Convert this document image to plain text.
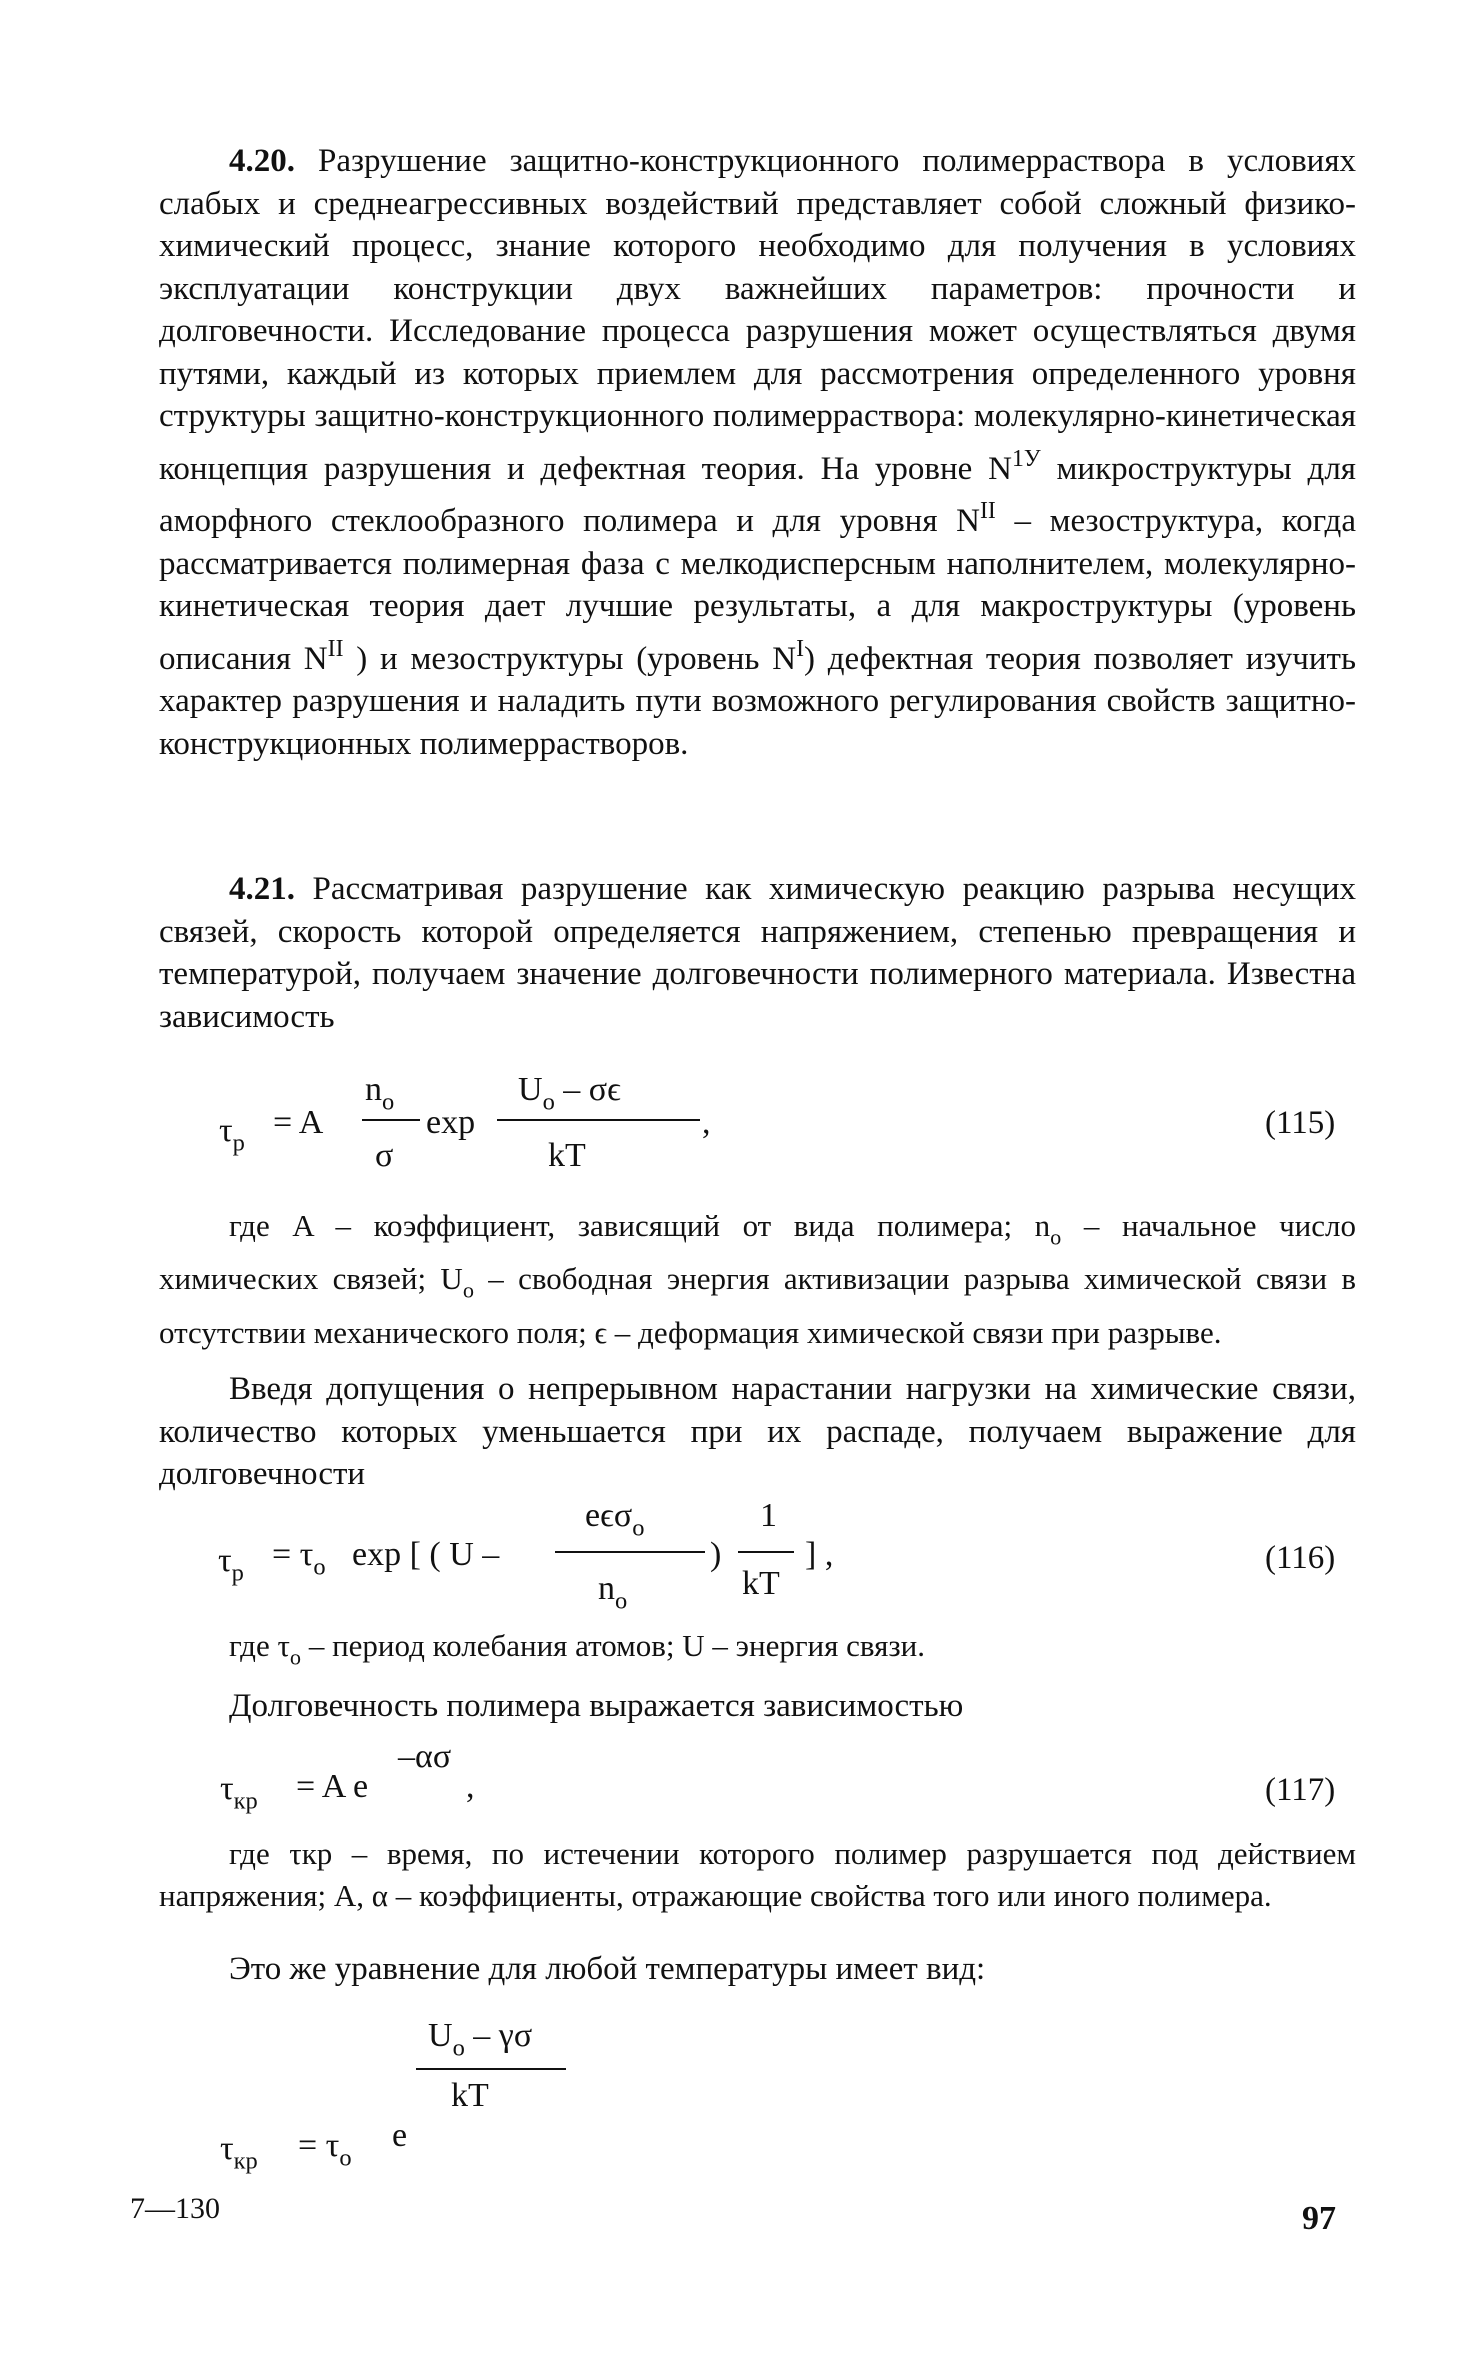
4.20. Разрушение защитно-конструкционного полимерраствора в условиях слабых и среднеагрессивных воздействий представляет собой сложный физико-химический процесс, знание которого необходимо для получения в условиях эксплуатации конструкции двух важнейших параметров: прочности и долговечности. Исследование процесса разрушения может осуществляться двумя путями, каждый из которых приемлем для рассмотрения определенного уровня структуры защитно-конструкционного полимерраствора: молекулярно-кинетическая концепция разрушения и дефектная теория. На уровне $N^{1У}$ микроструктуры для аморфного стеклообразного полимера и для уровня $N^{II}$ – мезоструктура, когда рассматривается полимерная фаза с мелкодисперсным наполнителем, молекулярно-кинетическая теория дает лучшие результаты, а для макроструктуры (уровень описания $N^{II}$ ) и мезоструктуры (уровень $N^I$) дефектная теория позволяет изучить характер разрушения и наладить пути возможного регулирования свойств защитно-конструкционных полимеррастворов.

4.21. Рассматривая разрушение как химическую реакцию разрыва несущих связей, скорость которой определяется напряжением, степенью превращения и температурой, получаем значение долговечности полимерного материала. Известна зависимость

$\tau_р$
= A
$n_o$
σ
exp
$U_o$ – σϵ
kT
,	(115)

где A – коэффициент, зависящий от вида полимера; $n_o$ – начальное число химических связей; $U_o$ – свободная энергия активизации разрыва химической связи в отсутствии механического поля; ϵ – деформация химической связи при разрыве.

Введя допущения о непрерывном нарастании нагрузки на химические связи, количество которых уменьшается при их распаде, получаем выражение для долговечности

$\tau_р = \tau_o$ exp [ ( U –
eϵσ$_o$
$n_o$
)
1
kT
] ,	(116)

где $\tau_o$ – период колебания атомов; U – энергия связи.

Долговечность полимера выражается зависимостью

$\tau_{кр} = A$ e
–ασ
,	(117)

где τкр – время, по истечении которого полимер разрушается под действием напряжения; A, α – коэффициенты, отражающие свойства того или иного полимера.

Это же уравнение для любой температуры имеет вид:

$U_o$ – γσ
kT
$\tau_{кр} = \tau_o$
e
7—130	97
